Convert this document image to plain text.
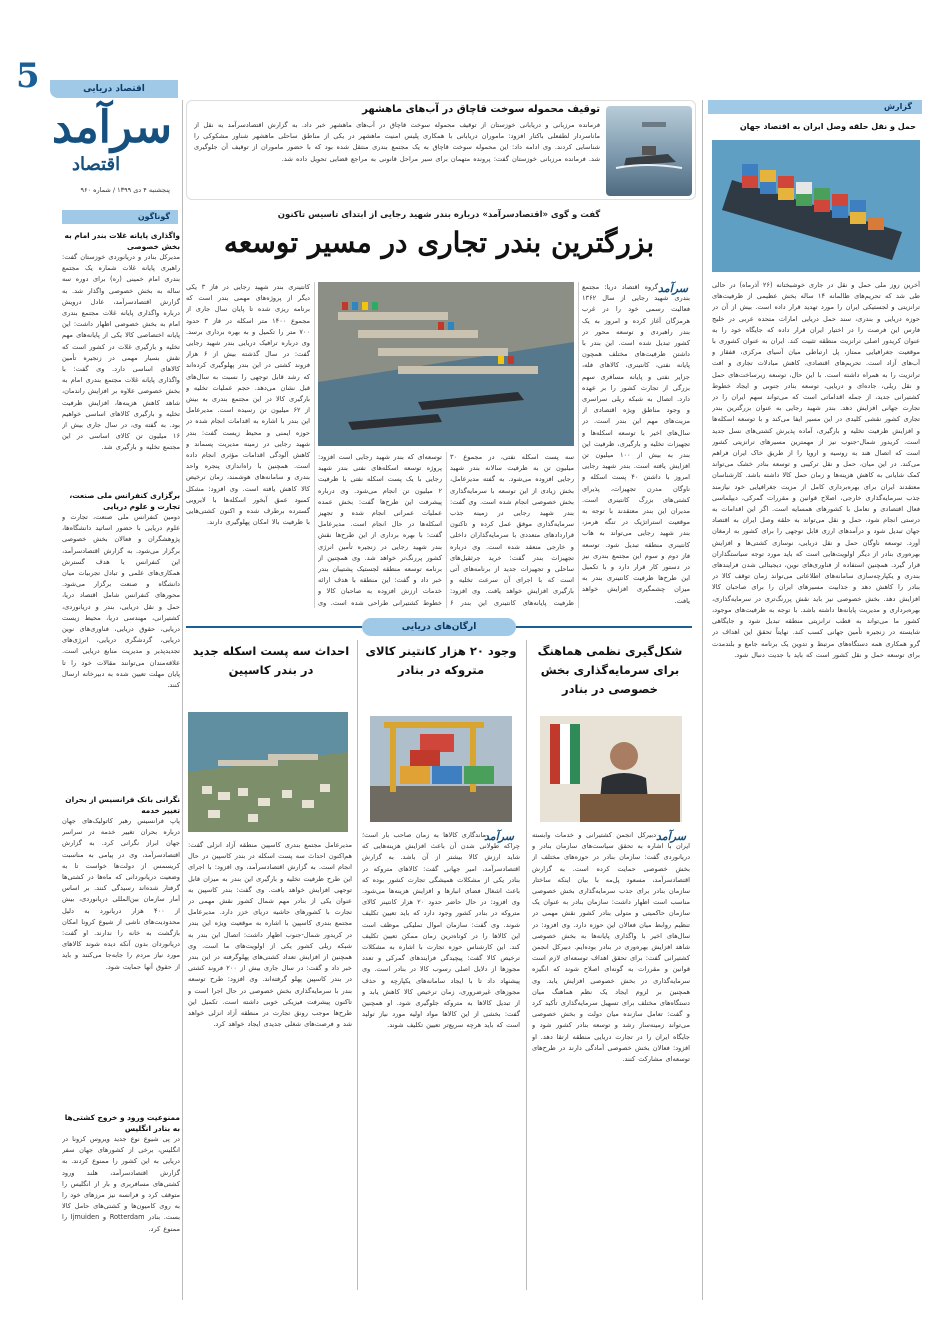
5
سرآمد
اقتصاد
پنجشنبه ۴ دی ۱۳۹۹ / شماره ۹۶۰
اقتصاد دریایی
گوناگون
واگذاری پایانه غلات بندر امام به بخش خصوصی
مدیرکل بنادر و دریانوردی خوزستان گفت: راهبری پایانه غلات شماره یک مجتمع بندری امام خمینی (ره) برای دوره سه ساله به بخش خصوصی واگذار شد. به گزارش اقتصادسرآمد، عادل درویش درباره واگذاری پایانه غلات مجتمع بندری امام به بخش خصوصی اظهار داشت: این پایانه اختصاصی کالا یکی از پایانه‌های مهم تخلیه و بارگیری غلات در کشور است که نقش بسیار مهمی در زنجیره تأمین کالاهای اساسی دارد. وی گفت: با واگذاری پایانه غلات مجتمع بندری امام به بخش خصوصی علاوه بر افزایش راندمان، شاهد کاهش هزینه‌ها، افزایش ظرفیت تخلیه و بارگیری کالاهای اساسی خواهیم بود. به گفته وی، در سال جاری بیش از ۱۶ میلیون تن کالای اساسی در این مجتمع تخلیه و بارگیری شد.
برگزاری کنفرانس ملی صنعت، تجارت و علوم دریایی
دومین کنفرانس ملی صنعت، تجارت و علوم دریایی با حضور اساتید دانشگاه‌ها، پژوهشگران و فعالان بخش خصوصی برگزار می‌شود. به گزارش اقتصادسرآمد، این کنفرانس با هدف گسترش همکاری‌های علمی و تبادل تجربیات میان دانشگاه و صنعت برگزار می‌شود. محورهای کنفرانس شامل اقتصاد دریا، حمل و نقل دریایی، بندر و دریانوردی، کشتیرانی، مهندسی دریا، محیط زیست دریایی، حقوق دریایی، فناوری‌های نوین دریایی، گردشگری دریایی، انرژی‌های تجدیدپذیر و مدیریت منابع دریایی است. علاقه‌مندان می‌توانند مقالات خود را تا پایان مهلت تعیین شده به دبیرخانه ارسال کنند.
نگرانی بانک فرانسیس از بحران تغییر خدمه
پاپ فرانسیس رهبر کاتولیک‌های جهان درباره بحران تغییر خدمه در سراسر جهان ابراز نگرانی کرد. به گزارش اقتصادسرآمد، وی در پیامی به مناسبت کریسمس از دولت‌ها خواست تا به وضعیت دریانوردانی که ماه‌ها در کشتی‌ها گرفتار شده‌اند رسیدگی کنند. بر اساس آمار سازمان بین‌المللی دریانوردی، بیش از ۴۰۰ هزار دریانورد به دلیل محدودیت‌های ناشی از شیوع کرونا امکان بازگشت به خانه را ندارند. او گفت: دریانوردان بدون آنکه دیده شوند کالاهای مورد نیاز مردم را جابه‌جا می‌کنند و باید از حقوق آنها حمایت شود.
ممنوعیت ورود و خروج کشتی‌ها به بنادر انگلیس
در پی شیوع نوع جدید ویروس کرونا در انگلیس، برخی از کشورهای جهان سفر دریایی به این کشور را ممنوع کردند. به گزارش اقتصادسرآمد، هلند ورود کشتی‌های مسافربری و بار از انگلیس را متوقف کرد و فرانسه نیز مرزهای خود را به روی کامیون‌ها و کشتی‌های حامل کالا بست. بنادر Rotterdam و Ijmuiden را ممنوع کرد.
توقیف محموله سوخت قاچاق در آب‌های ماهشهر
فرمانده مرزبانی و دریابانی خوزستان از توقیف محموله سوخت قاچاق در آب‌های ماهشهر خبر داد. به گزارش اقتصادسرآمد به نقل از ماناسردار لطفعلی باکتار افزود: ماموران دریابانی با همکاری پلیس امنیت ماهشهر در یکی از مناطق ساحلی ماهشهر شناور مشکوکی را شناسایی کردند. وی ادامه داد: این محموله سوخت قاچاق به یک مجتمع بندری منتقل شده بود که با حضور ماموران از توقیف آن جلوگیری شد. فرمانده مرزبانی خوزستان گفت: پرونده متهمان برای سیر مراحل قانونی به مراجع قضایی تحویل داده شد.
گزارش
حمل و نقل حلقه وصل ایران به اقتصاد جهان
آخرین روز ملی حمل و نقل در جاری خوشبختانه (۲۶ آذرماه) در حالی طی شد که تحریم‌های ظالمانه ۱۴ ساله بخش عظیمی از ظرفیت‌های ترانزیتی و لجستیکی ایران را مورد تهدید قرار داده است. بیش از آن در حوزه دریایی و بندری، سند حمل دریایی امارات متحده عربی در خلیج فارس این فرصت را در اختیار ایران قرار داده که جایگاه خود را به عنوان کریدور اصلی ترانزیت منطقه تثبیت کند. ایران به عنوان کشوری با موقعیت جغرافیایی ممتاز، پل ارتباطی میان آسیای مرکزی، قفقاز و آب‌های آزاد است. تحریم‌های اقتصادی، کاهش مبادلات تجاری و افت ترانزیت را به همراه داشته است. با این حال، توسعه زیرساخت‌های حمل و نقل ریلی، جاده‌ای و دریایی، توسعه بنادر جنوبی و ایجاد خطوط کشتیرانی جدید، از جمله اقداماتی است که می‌تواند سهم ایران را در تجارت جهانی افزایش دهد. بندر شهید رجایی به عنوان بزرگترین بندر تجاری کشور نقشی کلیدی در این مسیر ایفا می‌کند و با توسعه اسکله‌ها و افزایش ظرفیت تخلیه و بارگیری، آماده پذیرش کشتی‌های نسل جدید است. کریدور شمال-جنوب نیز از مهمترین مسیرهای ترانزیتی کشور است که اتصال هند به روسیه و اروپا را از طریق خاک ایران فراهم می‌کند. در این میان، حمل و نقل ترکیبی و توسعه بنادر خشک می‌تواند کمک شایانی به کاهش هزینه‌ها و زمان حمل کالا داشته باشد. کارشناسان معتقدند ایران برای بهره‌برداری کامل از مزیت جغرافیایی خود نیازمند جذب سرمایه‌گذاری خارجی، اصلاح قوانین و مقررات گمرکی، دیپلماسی فعال اقتصادی و تعامل با کشورهای همسایه است. اگر این اقدامات به درستی انجام شود، حمل و نقل می‌تواند به حلقه وصل ایران به اقتصاد جهان تبدیل شود و درآمدهای ارزی قابل توجهی را برای کشور به ارمغان آورد. توسعه ناوگان حمل و نقل دریایی، نوسازی کشتی‌ها و افزایش بهره‌وری بنادر از دیگر اولویت‌هایی است که باید مورد توجه سیاستگذاران قرار گیرد. همچنین استفاده از فناوری‌های نوین، دیجیتالی شدن فرایندهای بندری و یکپارچه‌سازی سامانه‌های اطلاعاتی می‌تواند زمان توقف کالا در بنادر را کاهش دهد و جذابیت مسیرهای ایران را برای صاحبان کالا افزایش دهد. بخش خصوصی نیز باید نقش پررنگ‌تری در سرمایه‌گذاری، بهره‌برداری و مدیریت پایانه‌ها داشته باشد. با توجه به ظرفیت‌های موجود، کشور ما می‌تواند به قطب ترانزیتی منطقه تبدیل شود و جایگاهی شایسته در زنجیره تأمین جهانی کسب کند. نهایتاً تحقق این اهداف در گرو همکاری همه دستگاه‌های مرتبط و تدوین یک برنامه جامع و بلندمدت برای توسعه حمل و نقل کشور است که باید با جدیت دنبال شود.
گفت و گوی «اقتصادسرآمد» درباره بندر شهید رجایی از ابتدای تاسیس تاکنون
بزرگترین بندر تجاری در مسیر توسعه
سرآمد
گروه اقتصاد دریا: مجتمع بندری شهید رجایی از سال ۱۳۶۲ فعالیت رسمی خود را در غرب هرمزگان آغاز کرده و امروز به یک بندر راهبردی و توسعه محور در کشور تبدیل شده است. این بندر با داشتن ظرفیت‌های مختلف همچون پایانه نفتی، کانتینری، کالاهای فله، جزایر نفتی و پایانه مسافری سهم بزرگی از تجارت کشور را بر عهده دارد. اتصال به شبکه ریلی سراسری و وجود مناطق ویژه اقتصادی از مزیت‌های مهم این بندر است. در سال‌های اخیر با توسعه اسکله‌ها و تجهیزات تخلیه و بارگیری، ظرفیت این بندر به بیش از ۱۰۰ میلیون تن افزایش یافته است. بندر شهید رجایی امروز با داشتن ۴۰ پست اسکله و ناوگان مدرن تجهیزات، پذیرای کشتی‌های بزرگ کانتینری است. مدیران این بندر معتقدند با توجه به موقعیت استراتژیک در تنگه هرمز، بندر شهید رجایی می‌تواند به هاب کانتینری منطقه تبدیل شود. توسعه فاز دوم و سوم این مجتمع بندری نیز در دستور کار قرار دارد و با تکمیل این طرح‌ها ظرفیت کانتینری بندر به میزان چشمگیری افزایش خواهد یافت.
کانتینری بندر شهید رجایی در فاز ۳ یکی دیگر از پروژه‌های مهمی بندر است که برنامه ریزی شده تا پایان سال جاری از مجموع ۱۴۰۰ متر اسکله در فاز ۳ حدود ۷۰۰ متر را تکمیل و به بهره برداری برسد. وی درباره ترافیک دریایی بندر شهید رجایی گفت: در سال گذشته بیش از ۶ هزار فروند کشتی در این بندر پهلوگیری کرده‌اند که رشد قابل توجهی را نسبت به سال‌های قبل نشان می‌دهد. حجم عملیات تخلیه و بارگیری کالا در این مجتمع بندری به بیش از ۶۲ میلیون تن رسیده است. مدیرعامل این بندر با اشاره به اقدامات انجام شده در حوزه ایمنی و محیط زیست گفت: بندر شهید رجایی در زمینه مدیریت پسماند و کاهش آلودگی اقدامات مؤثری انجام داده است. همچنین با راه‌اندازی پنجره واحد بندری و سامانه‌های هوشمند، زمان ترخیص کالا کاهش یافته است. وی افزود: مشکل کمبود عمق آبخور اسکله‌ها با لایروبی گسترده برطرف شده و اکنون کشتی‌هایی با ظرفیت بالا امکان پهلوگیری دارند.
سه پست اسکله نفتی، در مجموع ۳۰ میلیون تن به ظرفیت سالانه بندر شهید رجایی افزوده می‌شود. به گفته مدیرعامل، بخش زیادی از این توسعه با سرمایه‌گذاری بخش خصوصی انجام شده است. وی گفت: بندر شهید رجایی در زمینه جذب سرمایه‌گذاری موفق عمل کرده و تاکنون قراردادهای متعددی با سرمایه‌گذاران داخلی و خارجی منعقد شده است. وی درباره تجهیزات بندر گفت: خرید جرثقیل‌های ساحلی و تجهیزات جدید از برنامه‌های آتی است که با اجرای آن سرعت تخلیه و بارگیری افزایش خواهد یافت. وی افزود: ظرفیت پایانه‌های کانتینری این بندر ۶
توسعه‌ای که بندر شهید رجایی است افزود: پروژه توسعه اسکله‌های نفتی بندر شهید رجایی با یک پست اسکله نفتی با ظرفیت ۲ میلیون تن انجام می‌شود. وی درباره پیشرفت این طرح‌ها گفت: بخش عمده عملیات عمرانی انجام شده و تجهیز اسکله‌ها در حال انجام است. مدیرعامل گفت: با بهره برداری از این طرح‌ها نقش بندر شهید رجایی در زنجیره تأمین انرژی کشور پررنگ‌تر خواهد شد. وی همچنین از برنامه توسعه منطقه لجستیک پشتیبان بندر خبر داد و گفت: این منطقه با هدف ارائه خدمات ارزش افزوده به صاحبان کالا و خطوط کشتیرانی طراحی شده است. وی
ارگان‌های دریایی
شکل‌گیری نظمی هماهنگ برای سرمایه‌گذاری بخش خصوصی در بنادر
سرآمد
دبیرکل انجمن کشتیرانی و خدمات وابسته ایران با اشاره به تحقق سیاست‌های سازمان بنادر و دریانوردی گفت: سازمان بنادر در حوزه‌های مختلف از بخش خصوصی حمایت کرده است. به گزارش اقتصادسرآمد، مسعود پل‌مه با بیان اینکه ساختار سازمان بنادر برای جذب سرمایه‌گذاری بخش خصوصی مناسب است اظهار داشت: سازمان بنادر به عنوان یک سازمان حاکمیتی و متولی بنادر کشور نقش مهمی در تنظیم روابط میان فعالان این حوزه دارد. وی افزود: در سال‌های اخیر با واگذاری پایانه‌ها به بخش خصوصی شاهد افزایش بهره‌وری در بنادر بوده‌ایم. دبیرکل انجمن کشتیرانی گفت: برای تحقق اهداف توسعه‌ای لازم است قوانین و مقررات به گونه‌ای اصلاح شوند که انگیزه سرمایه‌گذاری در بخش خصوصی افزایش یابد. وی همچنین بر لزوم ایجاد یک نظم هماهنگ میان دستگاه‌های مختلف برای تسهیل سرمایه‌گذاری تأکید کرد و گفت: تعامل سازنده میان دولت و بخش خصوصی می‌تواند زمینه‌ساز رشد و توسعه بنادر کشور شود و جایگاه ایران را در تجارت دریایی منطقه ارتقا دهد. او افزود: فعالان بخش خصوصی آمادگی دارند در طرح‌های توسعه‌ای مشارکت کنند.
وجود ۲۰ هزار کانتینر کالای متروکه در بنادر
سرآمد
ماندگاری کالاها به زمان صاحب بار است؛ چراکه طولانی شدن آن باعث افزایش هزینه‌هایی که شاید ارزش کالا بیشتر از آن باشد. به گزارش اقتصادسرآمد، امیر جهانی گفت: کالاهای متروکه در بنادر یکی از مشکلات همیشگی تجارت کشور بوده که باعث اشغال فضای انبارها و افزایش هزینه‌ها می‌شود. وی افزود: در حال حاضر حدود ۲۰ هزار کانتینر کالای متروکه در بنادر کشور وجود دارد که باید تعیین تکلیف شوند. وی گفت: سازمان اموال تملیکی موظف است این کالاها را در کوتاه‌ترین زمان ممکن تعیین تکلیف کند. این کارشناس حوزه تجارت با اشاره به مشکلات ترخیص کالا گفت: پیچیدگی فرایندهای گمرکی و تعدد مجوزها از دلایل اصلی رسوب کالا در بنادر است. وی پیشنهاد داد تا با ایجاد سامانه‌های یکپارچه و حذف مجوزهای غیرضروری، زمان ترخیص کالا کاهش یابد و از تبدیل کالاها به متروکه جلوگیری شود. او همچنین گفت: بخشی از این کالاها مواد اولیه مورد نیاز تولید است که باید هرچه سریع‌تر تعیین تکلیف شوند.
احداث سه پست اسکله جدید در بندر کاسپین
مدیرعامل مجتمع بندری کاسپین منطقه آزاد انزلی گفت: هم‌اکنون احداث سه پست اسکله در بندر کاسپین در حال انجام است. به گزارش اقتصادسرآمد، وی افزود: با اجرای این طرح ظرفیت تخلیه و بارگیری این بندر به میزان قابل توجهی افزایش خواهد یافت. وی گفت: بندر کاسپین به عنوان یکی از بنادر مهم شمال کشور نقش مهمی در تجارت با کشورهای حاشیه دریای خزر دارد. مدیرعامل مجتمع بندری کاسپین با اشاره به موقعیت ویژه این بندر در کریدور شمال-جنوب اظهار داشت: اتصال این بندر به شبکه ریلی کشور یکی از اولویت‌های ما است. وی همچنین از افزایش تعداد کشتی‌های پهلوگرفته در این بندر خبر داد و گفت: در سال جاری بیش از ۲۰۰ فروند کشتی در بندر کاسپین پهلو گرفته‌اند. وی افزود: طرح توسعه بندر با سرمایه‌گذاری بخش خصوصی در حال اجرا است و تاکنون پیشرفت فیزیکی خوبی داشته است. تکمیل این طرح‌ها موجب رونق تجارت در منطقه آزاد انزلی خواهد شد و فرصت‌های شغلی جدیدی ایجاد خواهد کرد.
